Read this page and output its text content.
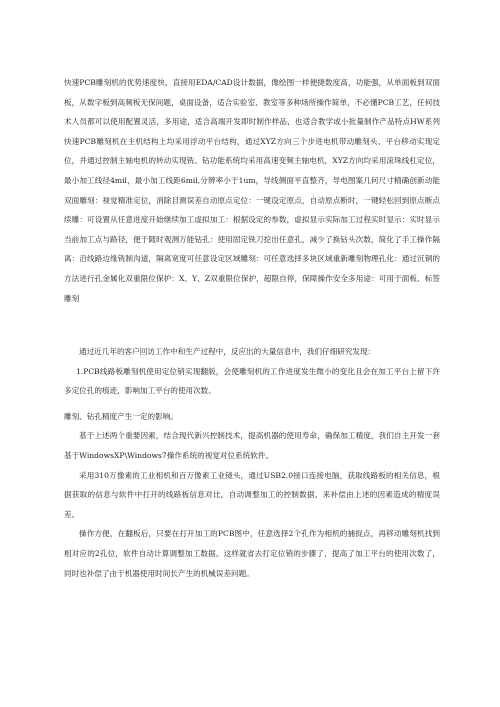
快速PCB雕刻机的优势速度快，直接用EDA/CAD设计数据，像绘图一样便捷数度高，功能强，从单面板到双面板，从数字板到高频板无保间题，桌面设备，适合实验室、教室等多种场所操作简单，不必懂PCB工艺，任何技术人员都可以使用配置灵活，多用途，适合高端开发即时制作样品，也适合教学或小批量制作产品特点HW系列快速PCB雕刻机在主机结构上均采用浮动平台结构，通过XYZ方向三个步进电机带动雕刻头、平台移动实现定位，并通过控制主轴电机的转动实现铣、钻功能系统均采用高速变频主轴电机，XYZ方向均采用滚珠线杠定位，最小加工线径4mil，最小加工线距6mil,分辨率小于1um，导线侧面平直整齐，导电图案几何尺寸精确创新动能双面雕刻：视觉精准定位，消除目测误差自动原点定位：一键设定原点，自动原点断时，一键轻松回到原点断点续雕：可设置从任意进度开始继续加工虚拟加工：根据设定的参数，虚拟显示实际加工过程实时显示：实时显示当前加工点与路径，便于随时观测万能钻孔：使用固定铣刀挖出任意孔，减少了换钻头次数，简化了手工操作隔离：沿线路边缘铣制沟道，隔离宽度可任意设定区域雕刻：可任意选择多块区域重新雕刻物理孔化：通过沉铜的方法进行孔金属化双重限位保护：X、Y、Z双重限位保护，超限自停，保障操作安全多用途：可用于面板、标签雕刻

通过近几年的客户回访工作中和生产过程中，反应出的大量信息中，我们仔细研究发现：

1.PCB线路板雕刻机使用定位销实现翻版，会使雕刻机的工作进度发生微小的变化且会在加工平台上留下许多定位孔的痕迹，影响加工平台的使用次数。

雕刻、钻孔精度产生一定的影响。

基于上述两个重要因素，结合现代新兴控制技术，提高机器的使用寿命，确保加工精度，我们自主开发一套基于WindowsXP\Windows7操作系统的视觉对位系统软件。

采用310万像素的工业相机和百万像素工业镜头，通过USB2.0接口连接电脑，获取线路板的相关信息，根据获取的信息与软件中打开的线路板信息对比，自动调整加工的控制数据，来补偿由上述的因素造成的精度误差。

操作方便，在翻板后，只要在打开加工的PCB图中，任意选择2个孔作为相机的捕捉点，再移动雕刻机找到相对应的2孔位，软件自动计算调整加工数据。这样就省去打定位销的步骤了，提高了加工平台的使用次数了，同时也补偿了由于机器使用时间长产生的机械误差问题。
